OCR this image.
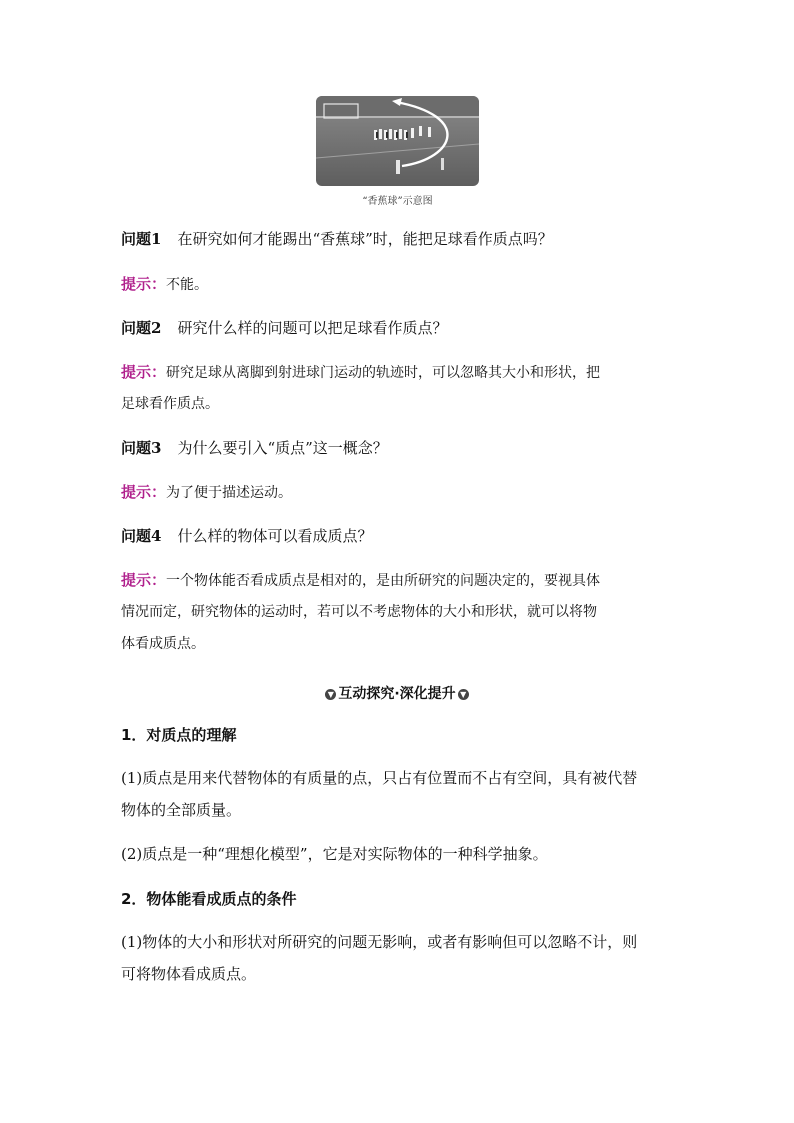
“香蕉球”示意图
问题1 在研究如何才能踢出“香蕉球”时，能把足球看作质点吗？
提示：不能。
问题2 研究什么样的问题可以把足球看作质点？
提示：研究足球从离脚到射进球门运动的轨迹时，可以忽略其大小和形状，把
足球看作质点。
问题3 为什么要引入“质点”这一概念？
提示：为了便于描述运动。
问题4 什么样的物体可以看成质点？
提示：一个物体能否看成质点是相对的，是由所研究的问题决定的，要视具体
情况而定，研究物体的运动时，若可以不考虑物体的大小和形状，就可以将物
体看成质点。
▼ 互动探究·深化提升 ▼
1．对质点的理解
(1)质点是用来代替物体的有质量的点，只占有位置而不占有空间，具有被代替
物体的全部质量。
(2)质点是一种“理想化模型”，它是对实际物体的一种科学抽象。
2．物体能看成质点的条件
(1)物体的大小和形状对所研究的问题无影响，或者有影响但可以忽略不计，则
可将物体看成质点。
